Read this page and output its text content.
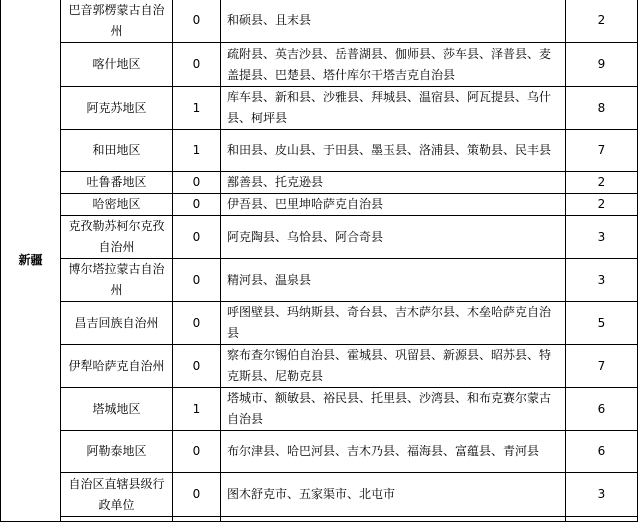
新疆	巴音郭楞蒙古自治州	0	和硕县、且末县	2
	喀什地区	0	疏附县、英吉沙县、岳普湖县、伽师县、莎车县、泽普县、麦盖提县、巴楚县、塔什库尔干塔吉克自治县	9
	阿克苏地区	1	库车县、新和县、沙雅县、拜城县、温宿县、阿瓦提县、乌什县、柯坪县	8
	和田地区	1	和田县、皮山县、于田县、墨玉县、洛浦县、策勒县、民丰县	7
	吐鲁番地区	0	鄯善县、托克逊县	2
	哈密地区	0	伊吾县、巴里坤哈萨克自治县	2
	克孜勒苏柯尔克孜自治州	0	阿克陶县、乌恰县、阿合奇县	3
	博尔塔拉蒙古自治州	0	精河县、温泉县	3
	昌吉回族自治州	0	呼图壁县、玛纳斯县、奇台县、吉木萨尔县、木垒哈萨克自治县	5
	伊犁哈萨克自治州	0	察布查尔锡伯自治县、霍城县、巩留县、新源县、昭苏县、特克斯县、尼勒克县	7
	塔城地区	1	塔城市、额敏县、裕民县、托里县、沙湾县、和布克赛尔蒙古自治县	6
	阿勒泰地区	0	布尔津县、哈巴河县、吉木乃县、福海县、富蕴县、青河县	6
	自治区直辖县级行政单位	0	图木舒克市、五家渠市、北屯市	3
